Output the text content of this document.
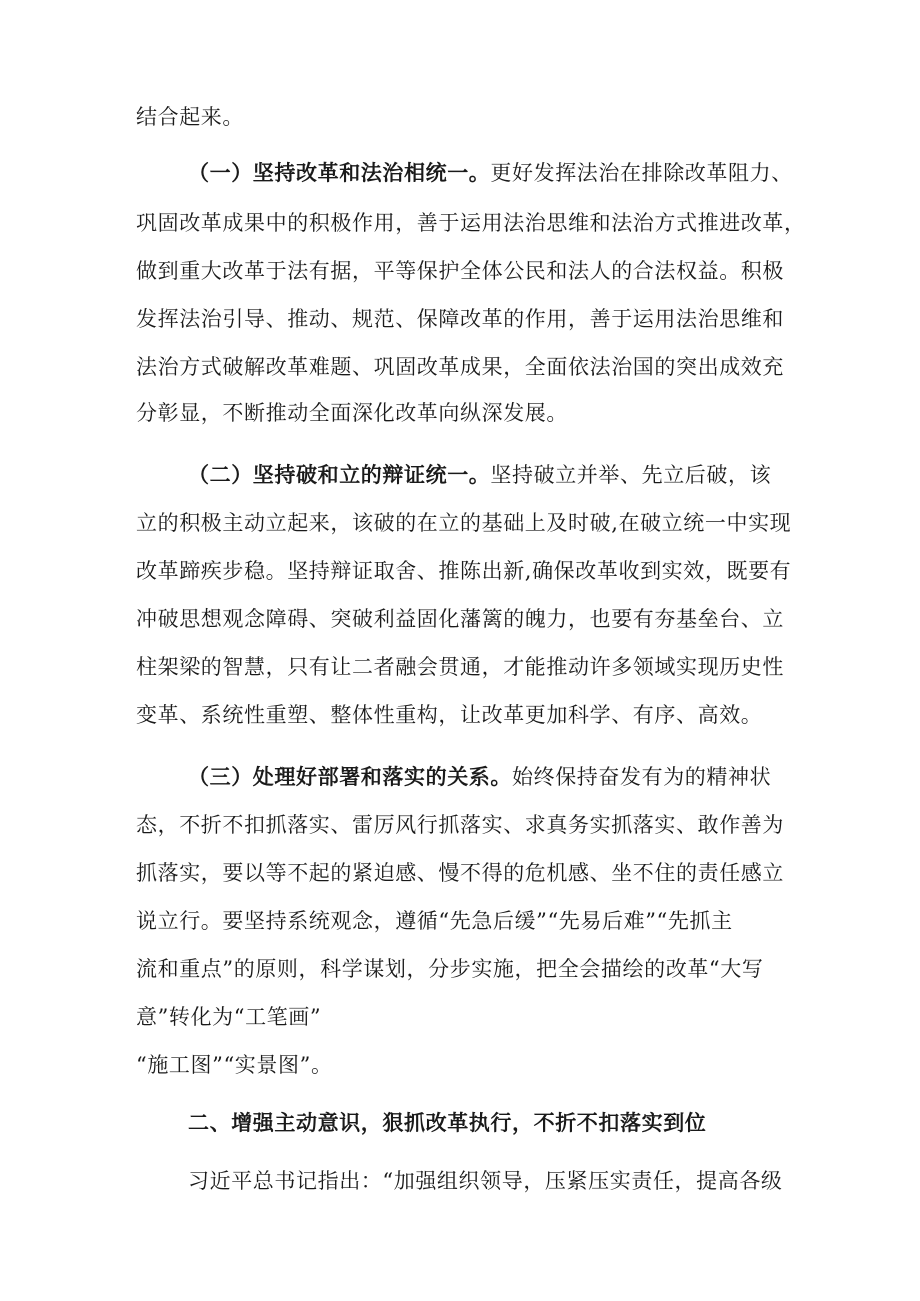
结合起来。
（一）坚持改革和法治相统一。更好发挥法治在排除改革阻力、
巩固改革成果中的积极作用，善于运用法治思维和法治方式推进改革，
做到重大改革于法有据，平等保护全体公民和法人的合法权益。积极
发挥法治引导、推动、规范、保障改革的作用，善于运用法治思维和
法治方式破解改革难题、巩固改革成果，全面依法治国的突出成效充
分彰显，不断推动全面深化改革向纵深发展。
（二）坚持破和立的辩证统一。坚持破立并举、先立后破，该
立的积极主动立起来，该破的在立的基础上及时破,在破立统一中实现
改革蹄疾步稳。坚持辩证取舍、推陈出新,确保改革收到实效，既要有
冲破思想观念障碍、突破利益固化藩篱的魄力，也要有夯基垒台、立
柱架梁的智慧，只有让二者融会贯通，才能推动许多领域实现历史性
变革、系统性重塑、整体性重构，让改革更加科学、有序、高效。
（三）处理好部署和落实的关系。始终保持奋发有为的精神状
态，不折不扣抓落实、雷厉风行抓落实、求真务实抓落实、敢作善为
抓落实，要以等不起的紧迫感、慢不得的危机感、坐不住的责任感立
说立行。要坚持系统观念，遵循“先急后缓”“先易后难”“先抓主
流和重点”的原则，科学谋划，分步实施，把全会描绘的改革“大写
意”转化为“工笔画”
“施工图”“实景图”。
二、增强主动意识，狠抓改革执行，不折不扣落实到位
习近平总书记指出：“加强组织领导，压紧压实责任，提高各级
